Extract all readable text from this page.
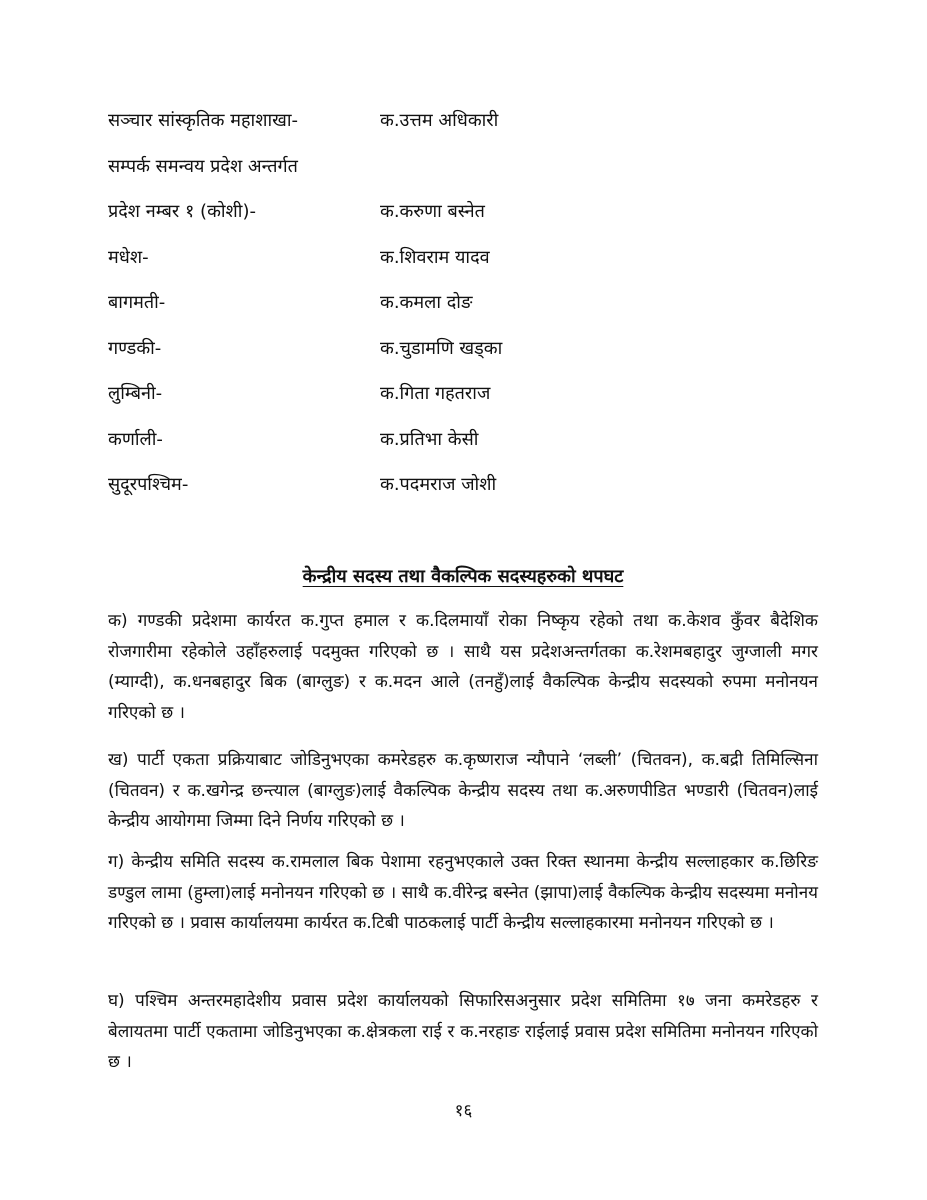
सञ्चार सांस्कृतिक महाशाखा-	क.उत्तम अधिकारी
सम्पर्क समन्वय प्रदेश अन्तर्गत
प्रदेश नम्बर १ (कोशी)-	क.करुणा बस्नेत
मधेश-	क.शिवराम यादव
बागमती-	क.कमला दोङ
गण्डकी-	क.चुडामणि खड्का
लुम्बिनी-	क.गिता गहतराज
कर्णाली-	क.प्रतिभा केसी
सुदूरपश्चिम-	क.पदमराज जोशी
केन्द्रीय सदस्य तथा वैकल्पिक सदस्यहरुको थपघट

क) गण्डकी प्रदेशमा कार्यरत क.गुप्त हमाल र क.दिलमायाँ रोका निष्कृय रहेको तथा क.केशव कुँवर बैदेशिक रोजगारीमा रहेकोले उहाँहरुलाई पदमुक्त गरिएको छ । साथै यस प्रदेशअन्तर्गतका क.रेशमबहादुर जुग्जाली मगर (म्याग्दी), क.धनबहादुर बिक (बाग्लुङ) र क.मदन आले (तनहुँ)लाई वैकल्पिक केन्द्रीय सदस्यको रुपमा मनोनयन गरिएको छ ।

ख) पार्टी एकता प्रक्रियाबाट जोडिनुभएका कमरेडहरु क.कृष्णराज न्यौपाने ‘लब्ली’ (चितवन), क.बद्री तिमिल्सिना (चितवन) र क.खगेन्द्र छन्त्याल (बाग्लुङ)लाई वैकल्पिक केन्द्रीय सदस्य तथा क.अरुणपीडित भण्डारी (चितवन)लाई केन्द्रीय आयोगमा जिम्मा दिने निर्णय गरिएको छ ।

ग) केन्द्रीय समिति सदस्य क.रामलाल बिक पेशामा रहनुभएकाले उक्त रिक्त स्थानमा केन्द्रीय सल्लाहकार क.छिरिङ डण्डुल लामा (हुम्ला)लाई मनोनयन गरिएको छ । साथै क.वीरेन्द्र बस्नेत (झापा)लाई वैकल्पिक केन्द्रीय सदस्यमा मनोनय गरिएको छ । प्रवास कार्यालयमा कार्यरत क.टिबी पाठकलाई पार्टी केन्द्रीय सल्लाहकारमा मनोनयन गरिएको छ ।

घ) पश्चिम अन्तरमहादेशीय प्रवास प्रदेश कार्यालयको सिफारिसअनुसार प्रदेश समितिमा १७ जना कमरेडहरु र बेलायतमा पार्टी एकतामा जोडिनुभएका क.क्षेत्रकला राई र क.नरहाङ राईलाई प्रवास प्रदेश समितिमा मनोनयन गरिएको छ ।

१६
